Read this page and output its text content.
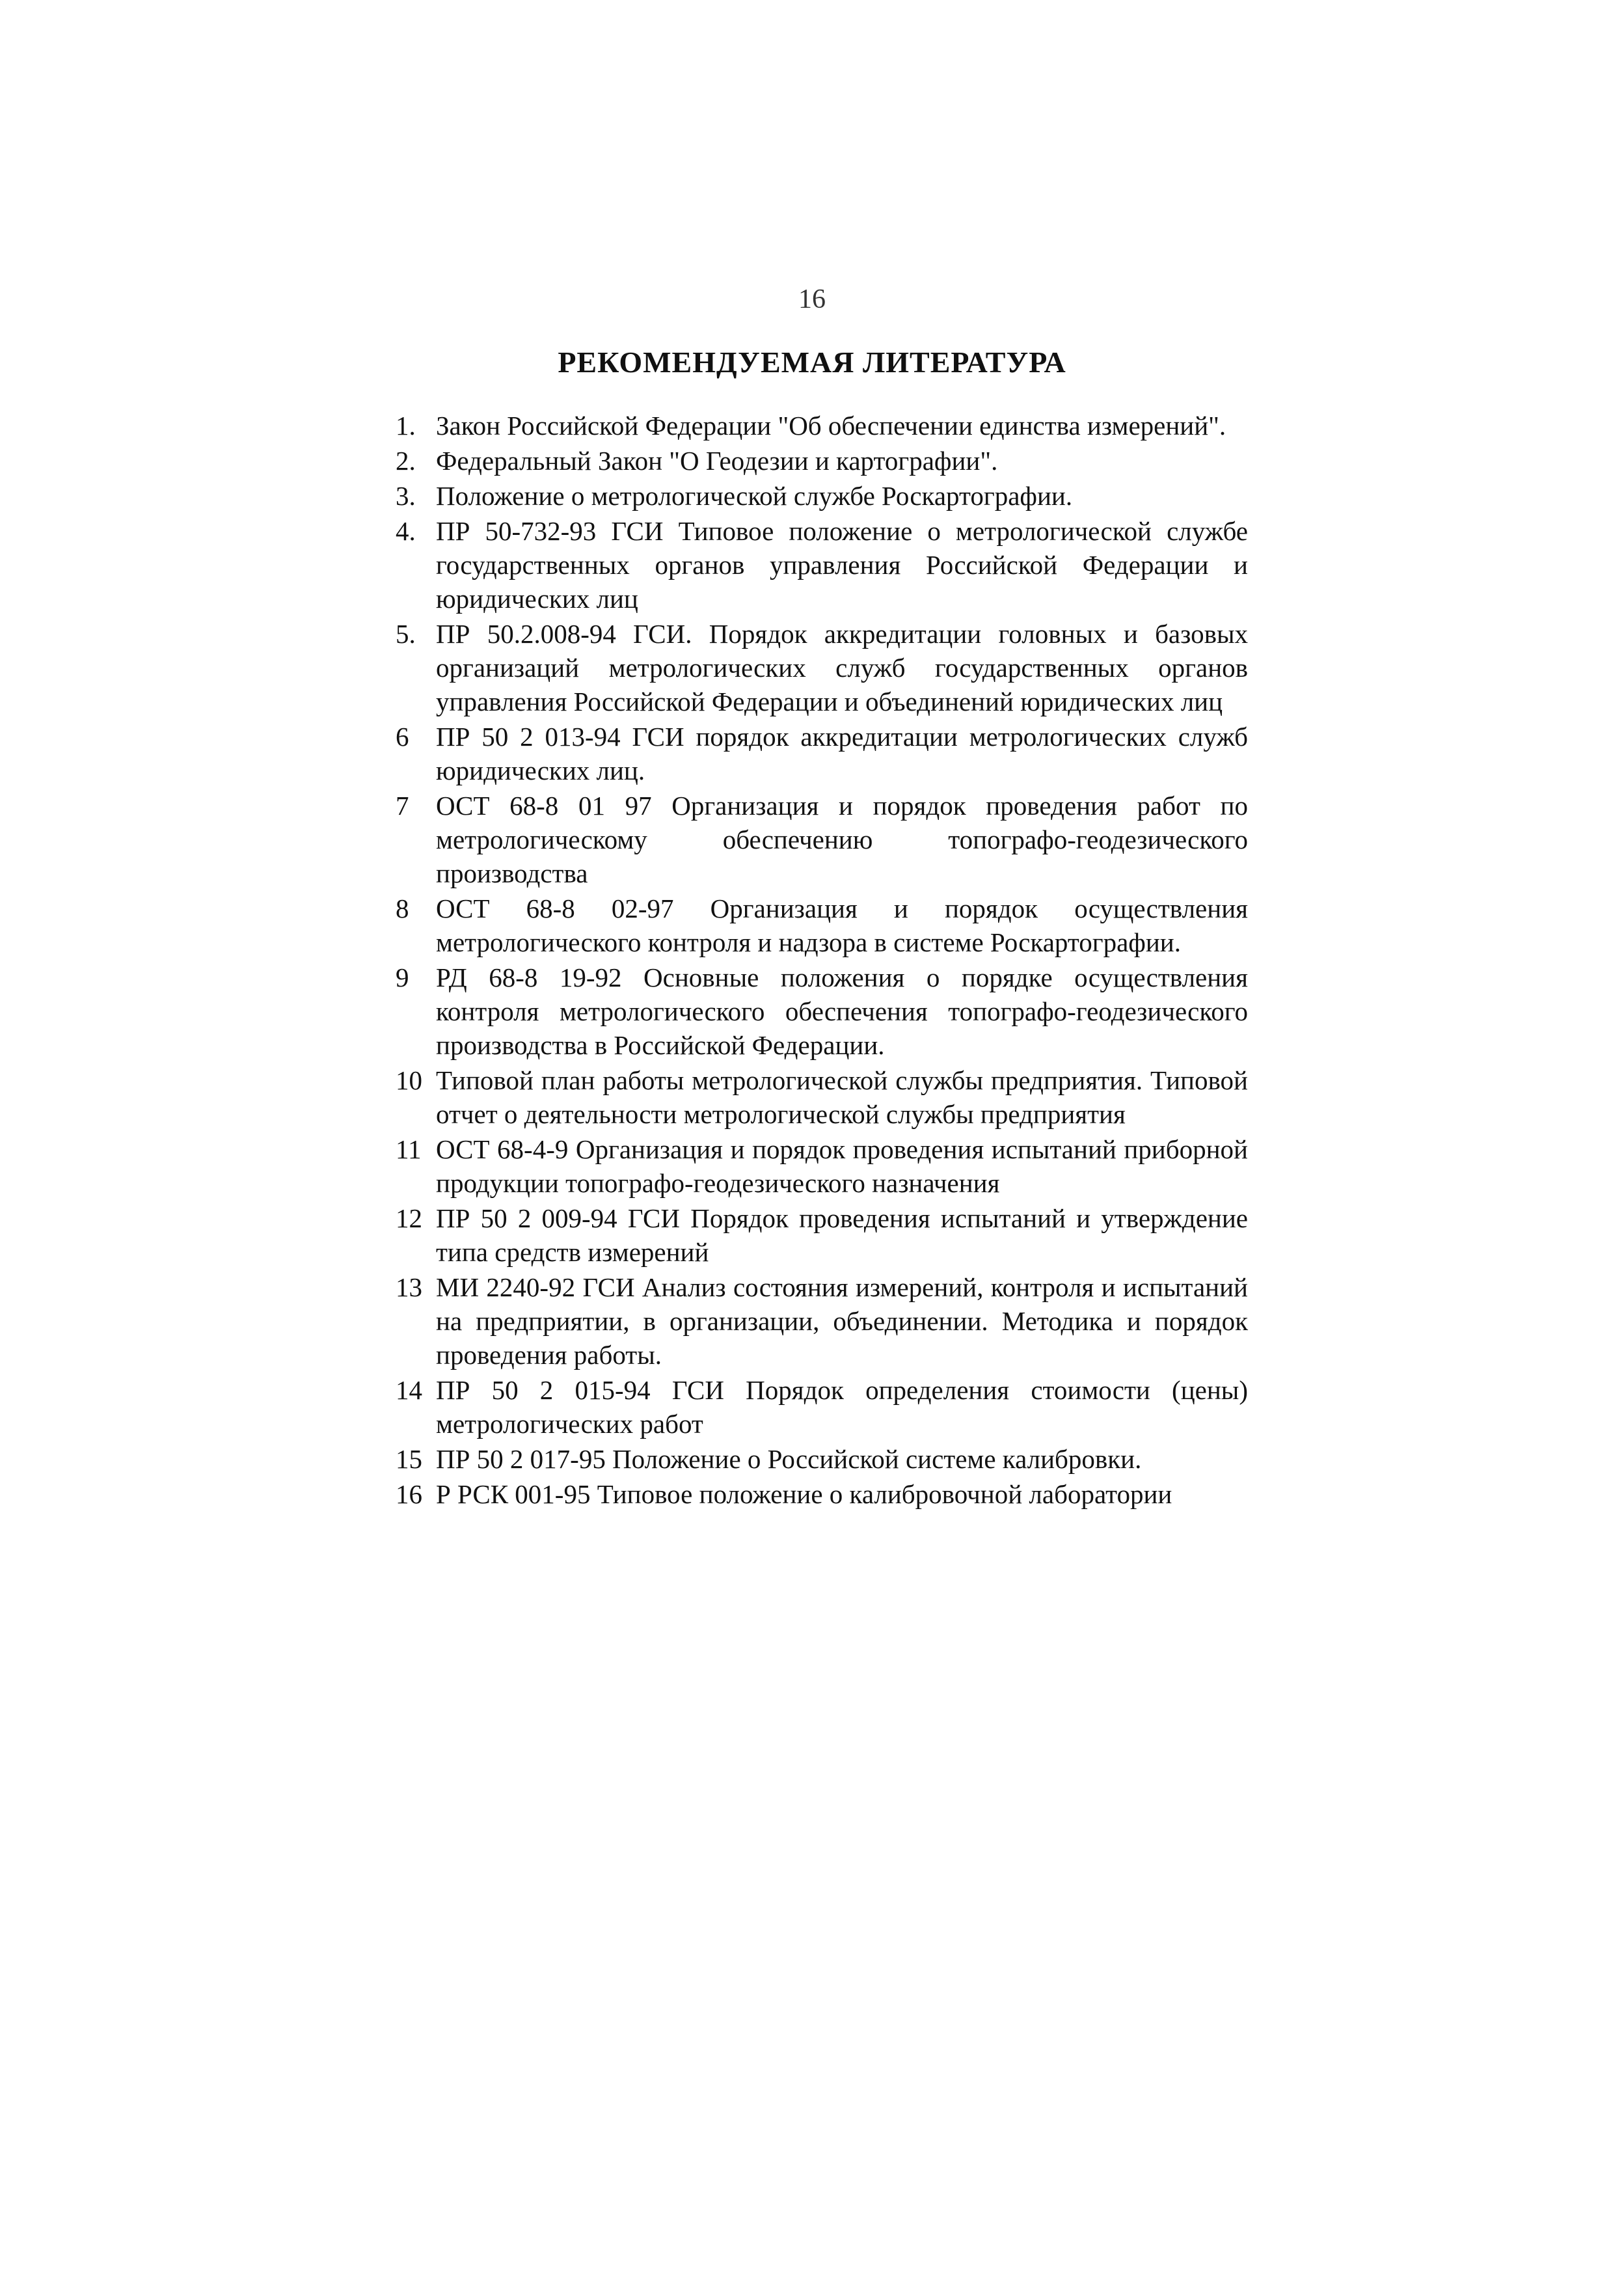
16
РЕКОМЕНДУЕМАЯ ЛИТЕРАТУРА
1. Закон Российской Федерации "Об обеспечении единства измерений".
2. Федеральный Закон "О Геодезии и картографии".
3. Положение о метрологической службе Роскартографии.
4. ПР 50-732-93 ГСИ Типовое положение о метрологической службе государственных органов управления Российской Федерации и юридических лиц
5. ПР 50.2.008-94 ГСИ. Порядок аккредитации головных и базовых организаций метрологических служб государственных органов управления Российской Федерации и объединений юридических лиц
6	ПР 50 2 013-94 ГСИ порядок аккредитации метрологических служб юридических лиц.
7	ОСТ 68-8 01 97 Организация и порядок проведения работ по метрологическому обеспечению топографо-геодезического производства
8	ОСТ 68-8 02-97 Организация и порядок осуществления метрологического контроля и надзора в системе Роскартографии.
9	РД 68-8 19-92 Основные положения о порядке осуществления контроля метрологического обеспечения топографо-геодезического производства в Российской Федерации.
10 Типовой план работы метрологической службы предприятия. Типовой отчет о деятельности метрологической службы предприятия
11 ОСТ 68-4-9 Организация и порядок проведения испытаний приборной продукции топографо-геодезического назначения
12 ПР 50 2 009-94 ГСИ Порядок проведения испытаний и утверждение типа средств измерений
13 МИ 2240-92 ГСИ Анализ состояния измерений, контроля и испытаний на предприятии, в организации, объединении. Методика и порядок проведения работы.
14 ПР 50 2 015-94 ГСИ Порядок определения стоимости (цены) метрологических работ
15 ПР 50 2 017-95 Положение о Российской системе калибровки.
16 Р РСК 001-95 Типовое положение о калибровочной лаборатории
